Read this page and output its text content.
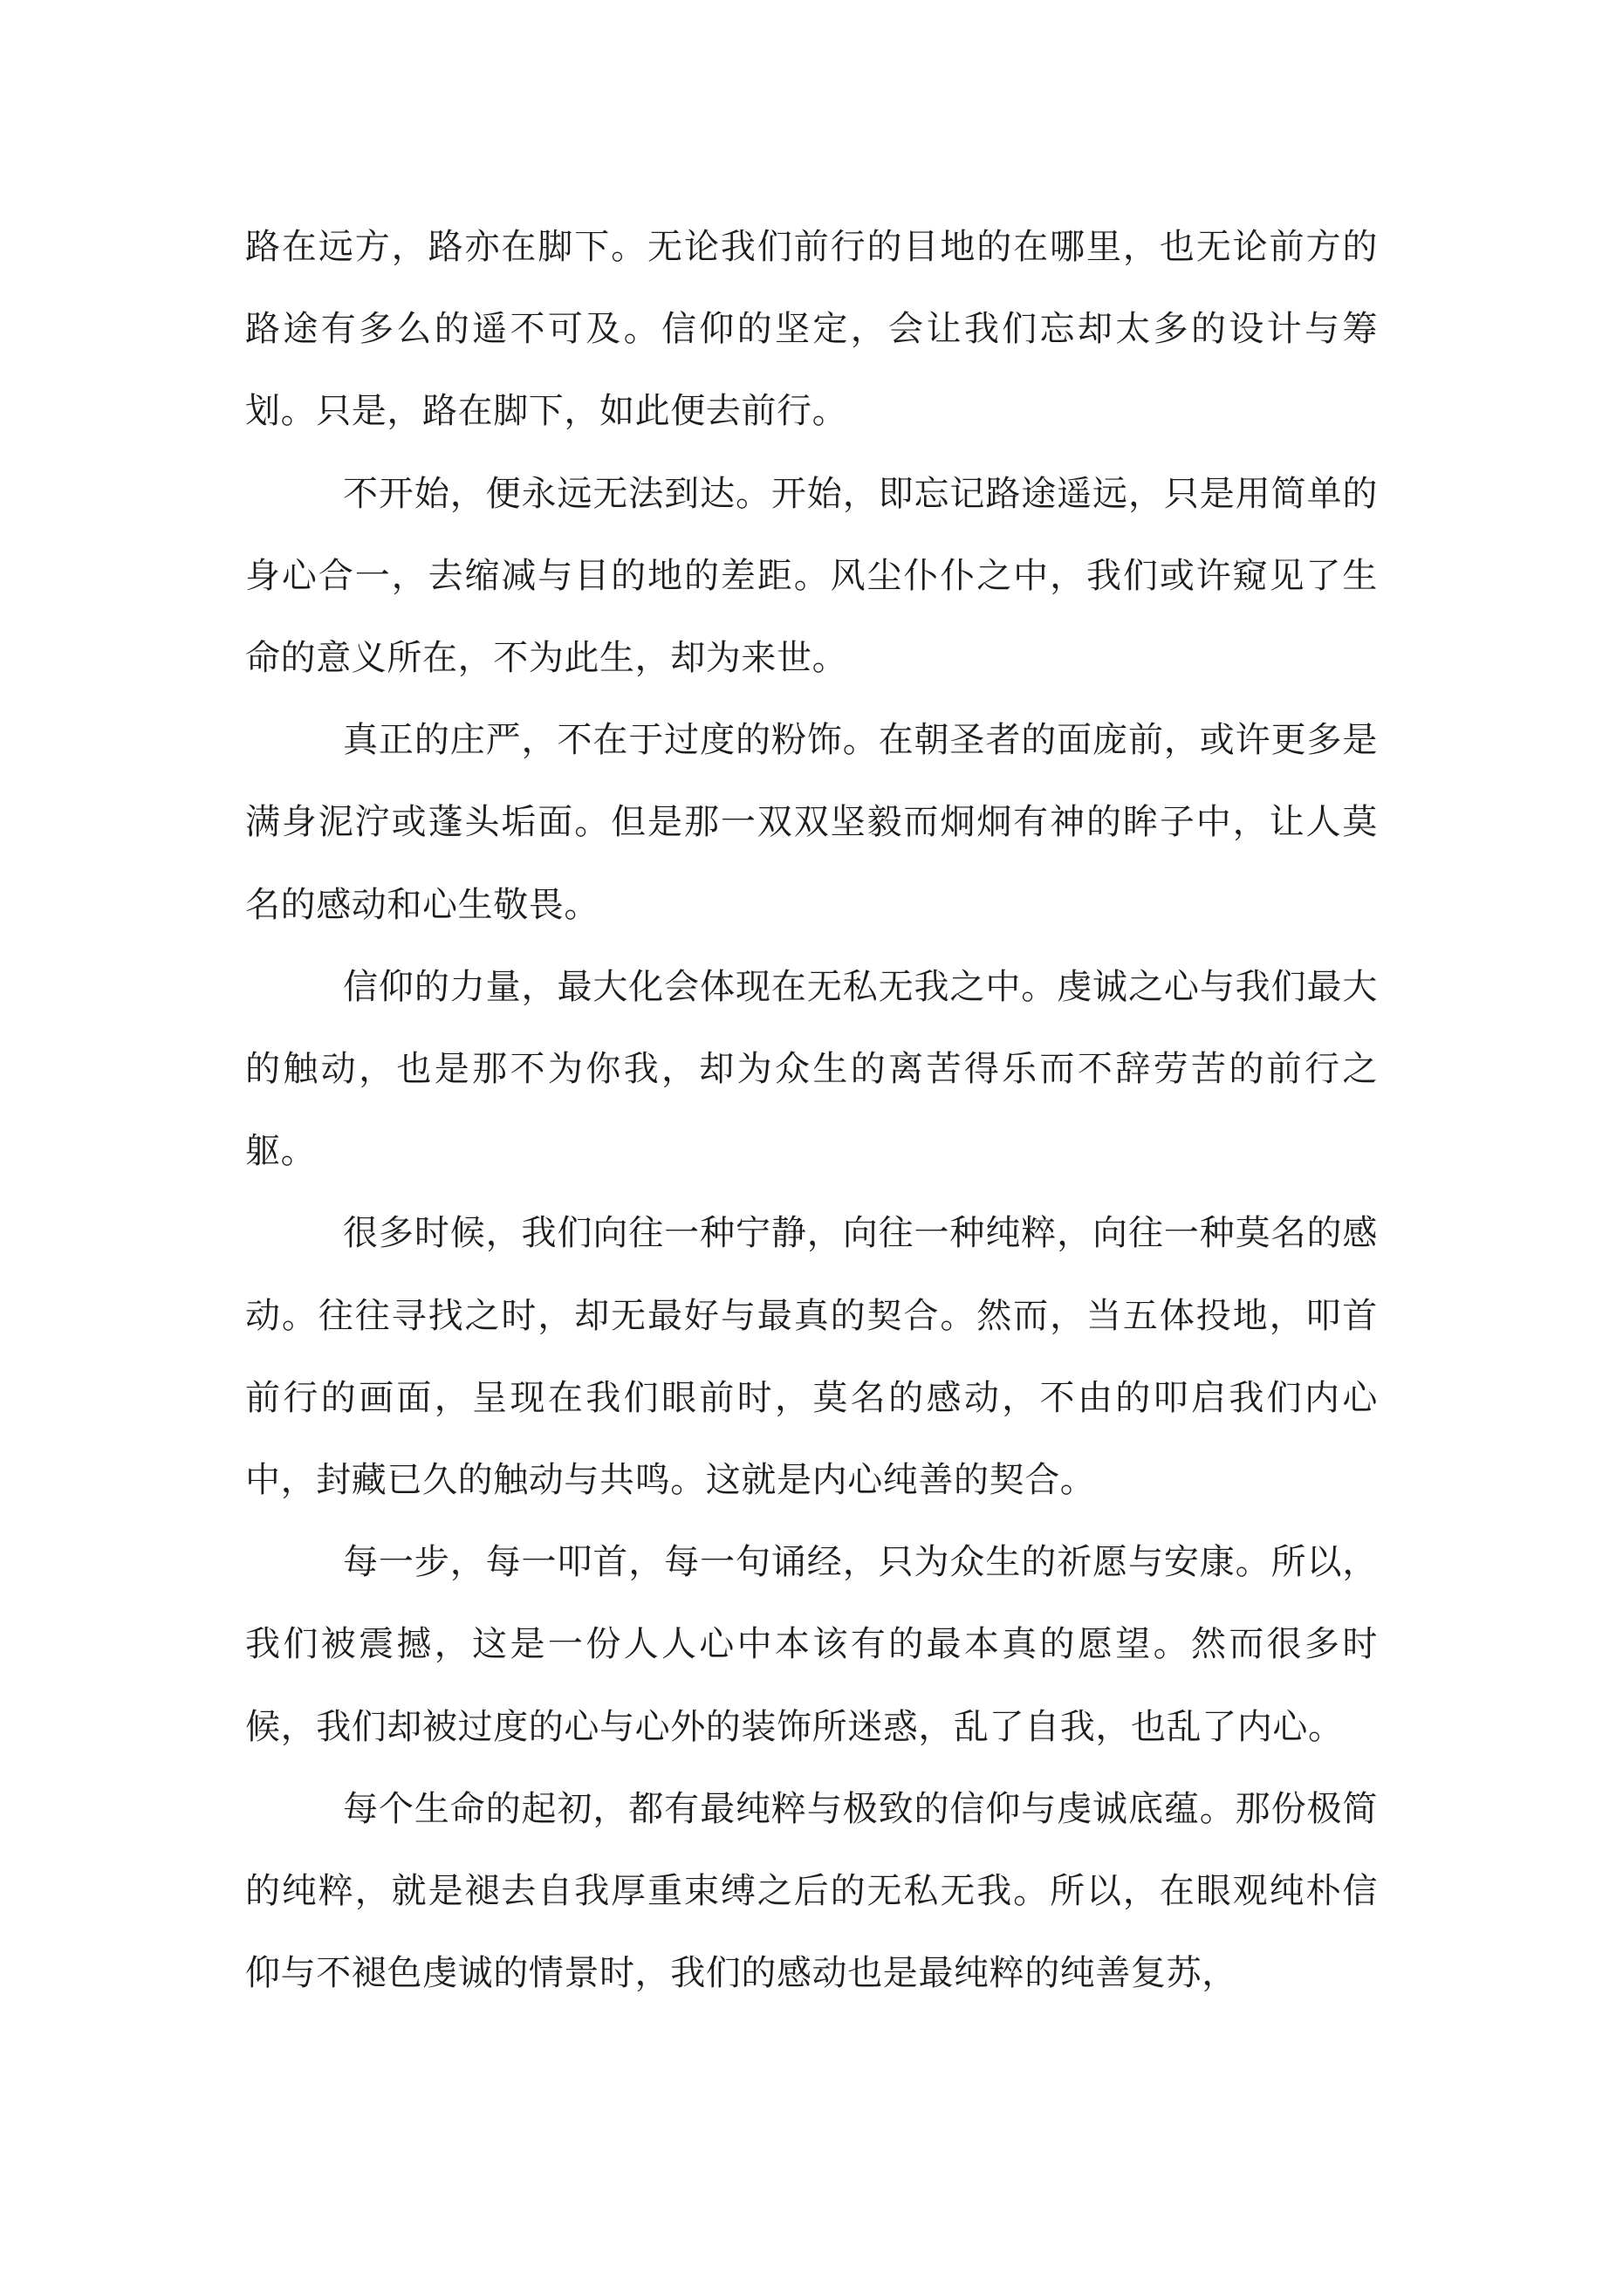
路在远方，路亦在脚下。无论我们前行的目地的在哪里，也无论前方的路途有多么的遥不可及。信仰的坚定，会让我们忘却太多的设计与筹划。只是，路在脚下，如此便去前行。

不开始，便永远无法到达。开始，即忘记路途遥远，只是用简单的身心合一，去缩减与目的地的差距。风尘仆仆之中，我们或许窥见了生命的意义所在，不为此生，却为来世。

真正的庄严，不在于过度的粉饰。在朝圣者的面庞前，或许更多是满身泥泞或蓬头垢面。但是那一双双坚毅而炯炯有神的眸子中，让人莫名的感动和心生敬畏。

信仰的力量，最大化会体现在无私无我之中。虔诚之心与我们最大的触动，也是那不为你我，却为众生的离苦得乐而不辞劳苦的前行之躯。

很多时候，我们向往一种宁静，向往一种纯粹，向往一种莫名的感动。往往寻找之时，却无最好与最真的契合。然而，当五体投地，叩首前行的画面，呈现在我们眼前时，莫名的感动，不由的叩启我们内心中，封藏已久的触动与共鸣。这就是内心纯善的契合。

每一步，每一叩首，每一句诵经，只为众生的祈愿与安康。所以，我们被震撼，这是一份人人心中本该有的最本真的愿望。然而很多时候，我们却被过度的心与心外的装饰所迷惑，乱了自我，也乱了内心。

每个生命的起初，都有最纯粹与极致的信仰与虔诚底蕴。那份极简的纯粹，就是褪去自我厚重束缚之后的无私无我。所以，在眼观纯朴信仰与不褪色虔诚的情景时，我们的感动也是最纯粹的纯善复苏，
